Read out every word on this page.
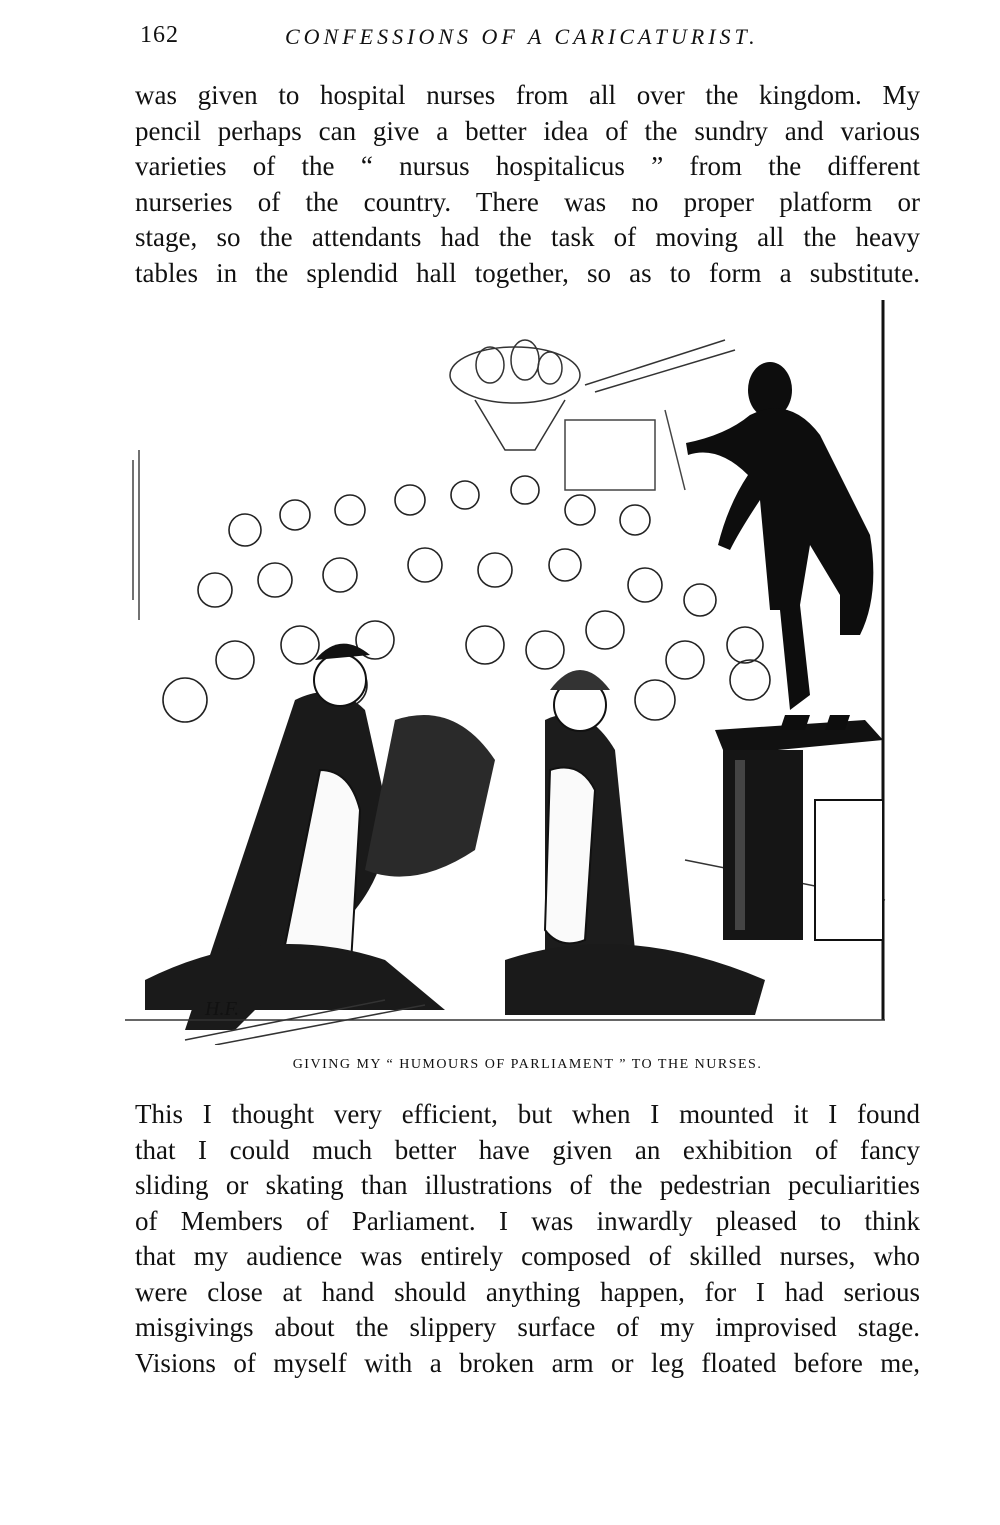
162	CONFESSIONS OF A CARICATURIST.
was given to hospital nurses from all over the kingdom. My
pencil perhaps can give a better idea of the sundry and various
varieties of the “ nursus hospitalicus ” from the different
nurseries of the country. There was no proper platform or
stage, so the attendants had the task of moving all the heavy
tables in the splendid hall together, so as to form a substitute.
H.F.
GIVING MY “ HUMOURS OF PARLIAMENT ” TO THE NURSES.
This I thought very efficient, but when I mounted it I found
that I could much better have given an exhibition of fancy
sliding or skating than illustrations of the pedestrian peculiarities
of Members of Parliament. I was inwardly pleased to think
that my audience was entirely composed of skilled nurses, who
were close at hand should anything happen, for I had serious
misgivings about the slippery surface of my improvised stage.
Visions of myself with a broken arm or leg floated before me,
